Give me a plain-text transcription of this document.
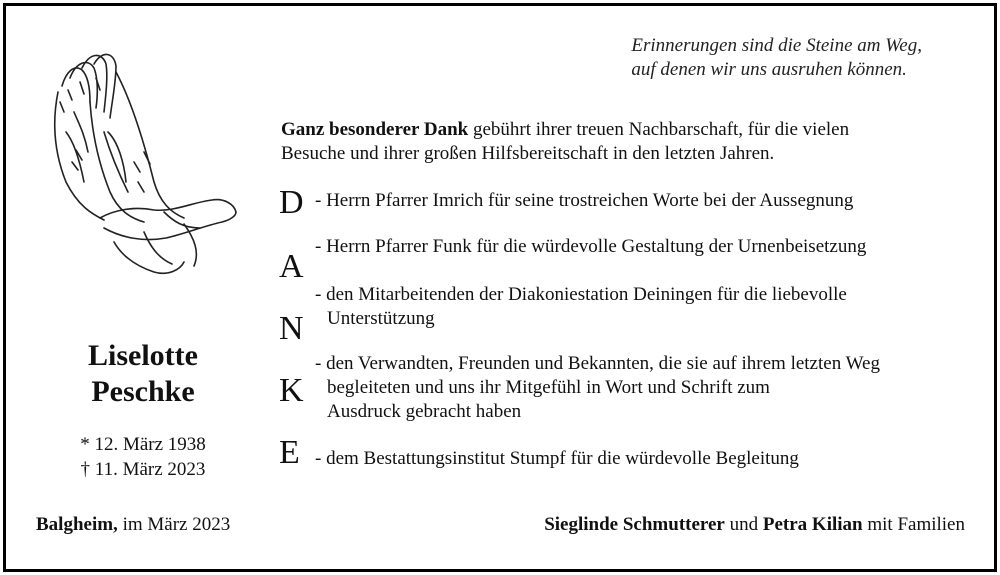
Erinnerungen sind die Steine am Weg,
auf denen wir uns ausruhen können.
Liselotte
Peschke
* 12. März 1938
† 11. März 2023
Ganz besonderer Dank gebührt ihrer treuen Nachbarschaft, für die vielen
Besuche und ihrer großen Hilfsbereitschaft in den letzten Jahren.
D
A
N
K
E
- Herrn Pfarrer Imrich für seine trostreichen Worte bei der Aussegnung
- Herrn Pfarrer Funk für die würdevolle Gestaltung der Urnenbeisetzung
- den Mitarbeitenden der Diakoniestation Deiningen für die liebevolle
Unterstützung
- den Verwandten, Freunden und Bekannten, die sie auf ihrem letzten Weg
begleiteten und uns ihr Mitgefühl in Wort und Schrift zum
Ausdruck gebracht haben
- dem Bestattungsinstitut Stumpf für die würdevolle Begleitung
Balgheim, im März 2023	Sieglinde Schmutterer und Petra Kilian mit Familien
